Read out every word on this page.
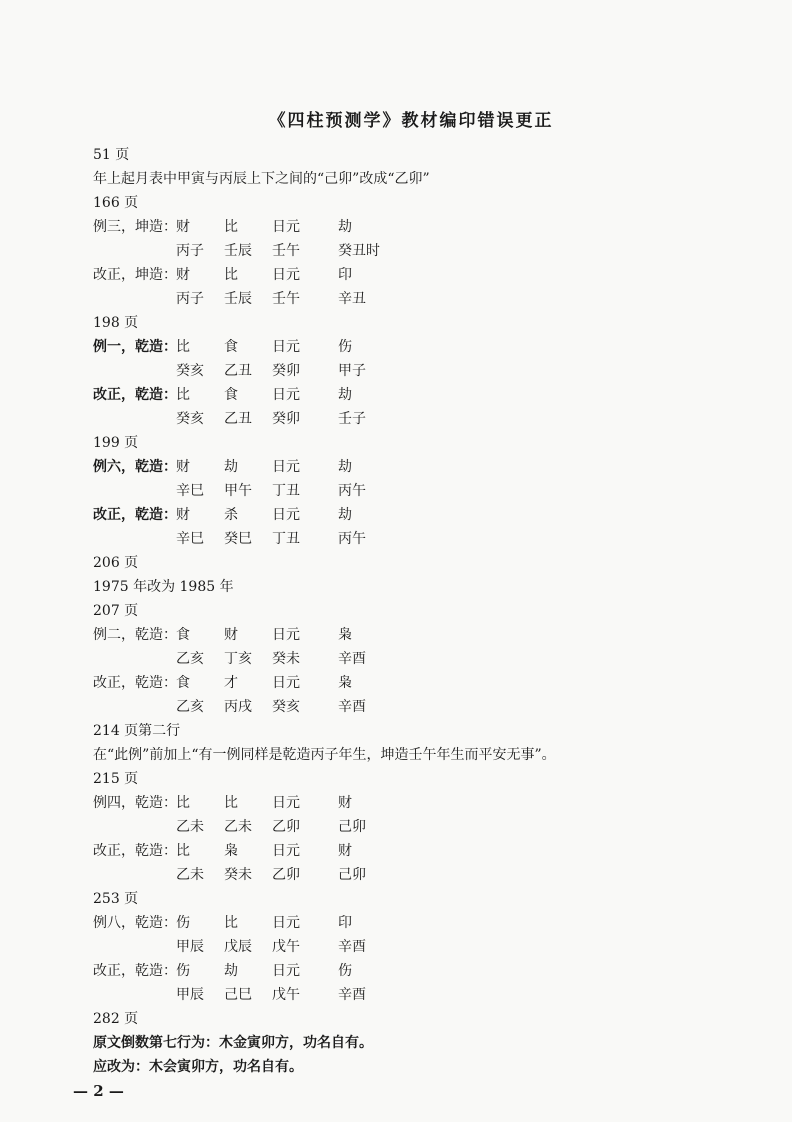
《四柱预测学》教材编印错误更正
51 页
年上起月表中甲寅与丙辰上下之间的“己卯”改成“乙卯”
166 页
例三，坤造： 财 比 日元	劫
丙子 壬辰 壬午	癸丑时
改正，坤造： 财 比 日元	印
丙子 壬辰 壬午	辛丑
198 页
例一，乾造： 比 食 日元	伤
癸亥 乙丑 癸卯	甲子
改正，乾造： 比 食 日元	劫
癸亥 乙丑 癸卯	壬子
199 页
例六，乾造： 财 劫 日元	劫
辛巳 甲午 丁丑	丙午
改正，乾造： 财 杀 日元	劫
辛巳 癸巳 丁丑	丙午
206 页
1975 年改为 1985 年
207 页
例二，乾造： 食 财 日元	枭
乙亥 丁亥 癸未	辛酉
改正，乾造： 食 才 日元	枭
乙亥 丙戌 癸亥	辛酉
214 页第二行
在“此例”前加上“有一例同样是乾造丙子年生，坤造壬午年生而平安无事”。
215 页
例四，乾造： 比 比 日元	财
乙未 乙未 乙卯	己卯
改正，乾造： 比 枭 日元	财
乙未 癸未 乙卯	己卯
253 页
例八，乾造： 伤 比 日元	印
甲辰 戊辰 戊午	辛酉
改正，乾造： 伤 劫 日元	伤
甲辰 己巳 戊午	辛酉
282 页
原文倒数第七行为：木金寅卯方，功名自有。
应改为：木会寅卯方，功名自有。
— 2 —
